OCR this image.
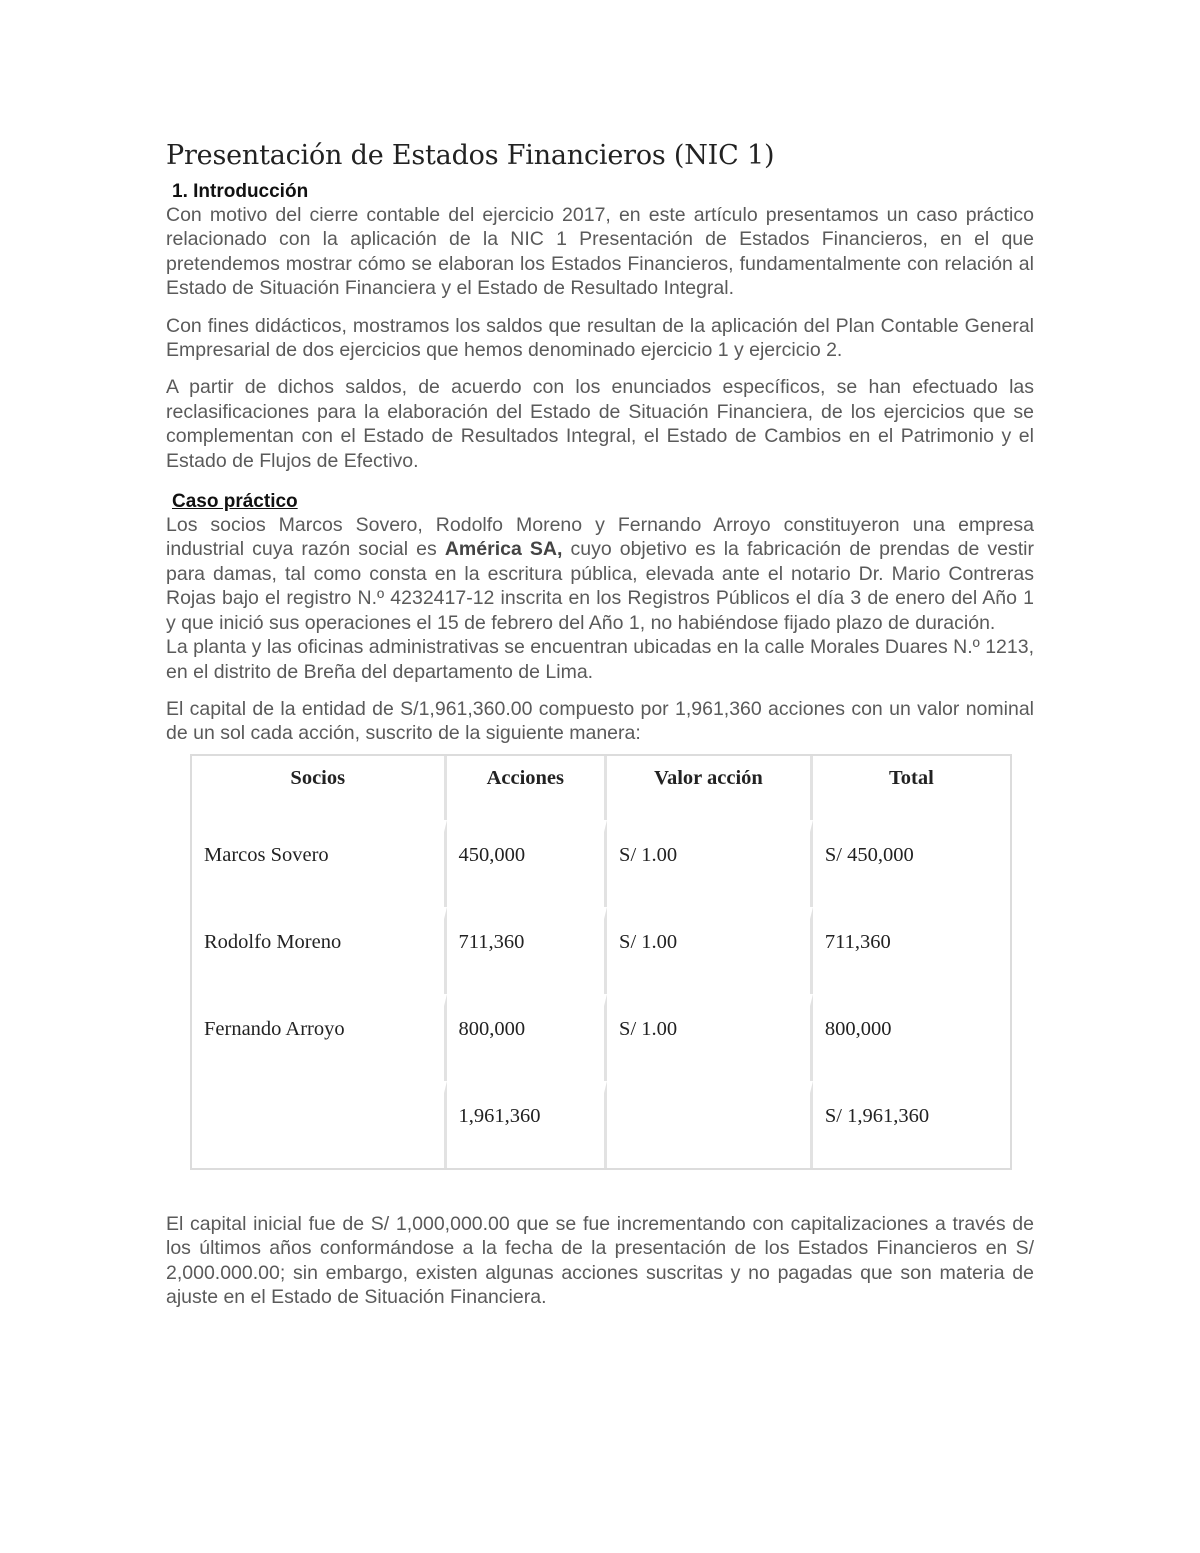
Presentación de Estados Financieros (NIC 1)
1. Introducción

Con motivo del cierre contable del ejercicio 2017, en este artículo presentamos un caso práctico relacionado con la aplicación de la NIC 1 Presentación de Estados Financieros, en el que pretendemos mostrar cómo se elaboran los Estados Financieros, fundamentalmente con relación al Estado de Situación Financiera y el Estado de Resultado Integral.

Con fines didácticos, mostramos los saldos que resultan de la aplicación del Plan Contable General Empresarial de dos ejercicios que hemos denominado ejercicio 1 y ejercicio 2.

A partir de dichos saldos, de acuerdo con los enunciados específicos, se han efectuado las reclasificaciones para la elaboración del Estado de Situación Financiera, de los ejercicios que se complementan con el Estado de Resultados Integral, el Estado de Cambios en el Patrimonio y el Estado de Flujos de Efectivo.

Caso práctico

Los socios Marcos Sovero, Rodolfo Moreno y Fernando Arroyo constituyeron una empresa industrial cuya razón social es América SA, cuyo objetivo es la fabricación de prendas de vestir para damas, tal como consta en la escritura pública, elevada ante el notario Dr. Mario Contreras Rojas bajo el registro N.º 4232417-12 inscrita en los Registros Públicos el día 3 de enero del Año 1 y que inició sus operaciones el 15 de febrero del Año 1, no habiéndose fijado plazo de duración.

La planta y las oficinas administrativas se encuentran ubicadas en la calle Morales Duares N.º 1213, en el distrito de Breña del departamento de Lima.

El capital de la entidad de S/1,961,360.00 compuesto por 1,961,360 acciones con un valor nominal de un sol cada acción, suscrito de la siguiente manera:

Socios	Acciones	Valor acción	Total
Marcos Sovero	450,000	S/ 1.00	S/ 450,000
Rodolfo Moreno	711,360	S/ 1.00	711,360
Fernando Arroyo	800,000	S/ 1.00	800,000
	1,961,360		S/ 1,961,360

El capital inicial fue de S/ 1,000,000.00 que se fue incrementando con capitalizaciones a través de los últimos años conformándose a la fecha de la presentación de los Estados Financieros en S/ 2,000.000.00; sin embargo, existen algunas acciones suscritas y no pagadas que son materia de ajuste en el Estado de Situación Financiera.
